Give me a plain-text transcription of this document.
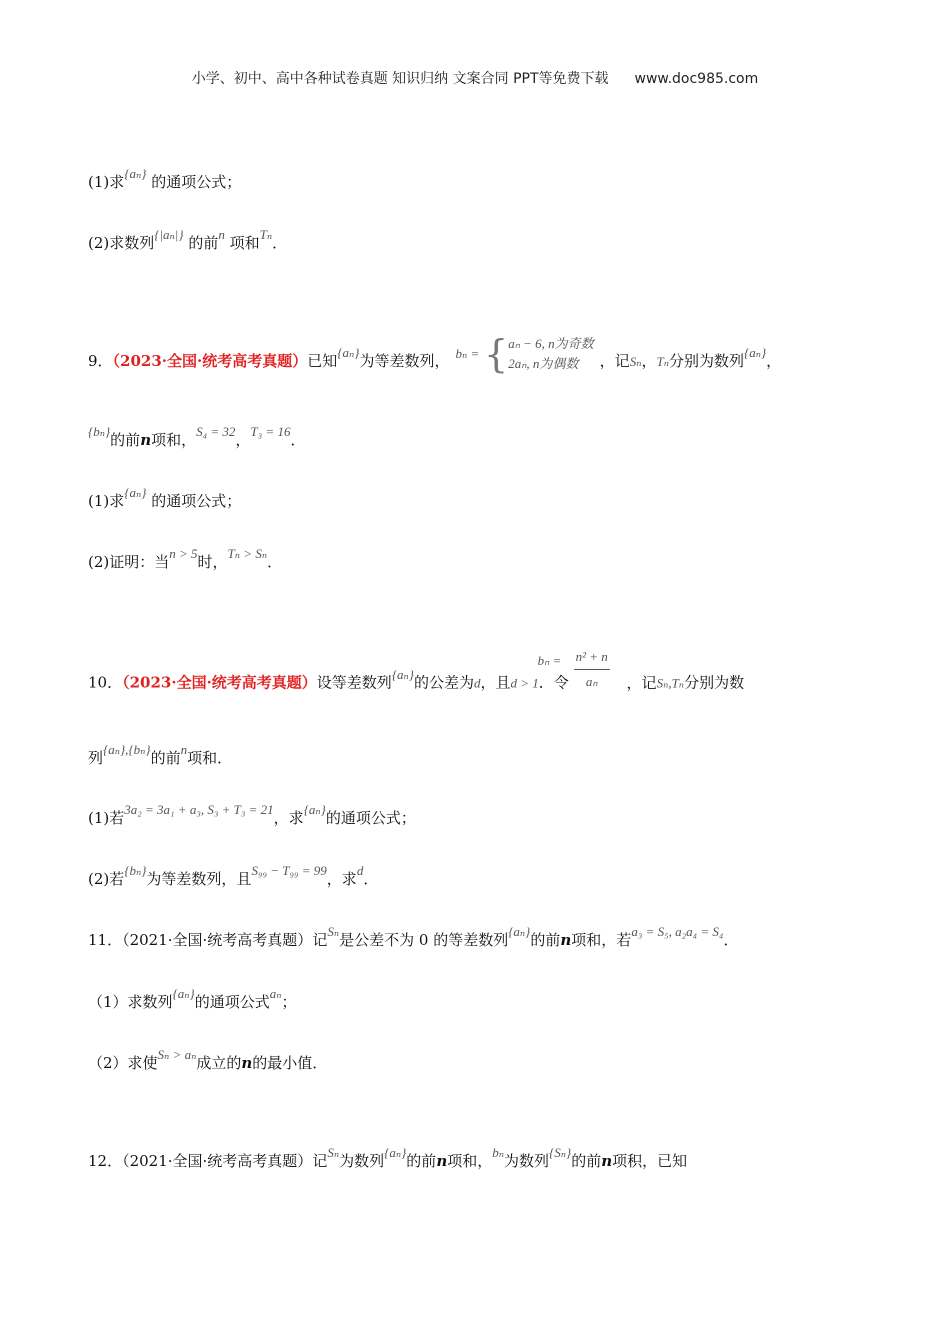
小学、初中、高中各种试卷真题 知识归纳 文案合同 PPT等免费下载 www.doc985.com
(1)求{aₙ} 的通项公式；
(2)求数列{|aₙ|} 的前n 项和Tₙ．
9．（2023·全国·统考高考真题）已知{aₙ}为等差数列， bₙ = { aₙ − 6, n为奇数
2aₙ, n为偶数	，记Sₙ，Tₙ分别为数列{aₙ}，
{bₙ}的前n项和，S₄ = 32，T₃ = 16．
(1)求{aₙ} 的通项公式；
(2)证明：当n > 5时，Tₙ > Sₙ．
10．（2023·全国·统考高考真题）设等差数列{aₙ}的公差为d，且d > 1．令
bₙ = n² + n
aₙ	，记Sₙ,Tₙ分别为数
列{aₙ},{bₙ}的前n项和．
(1)若3a₂ = 3a₁ + a₃, S₃ + T₃ = 21，求{aₙ}的通项公式；
(2)若{bₙ}为等差数列，且S₉₉ − T₉₉ = 99，求d．
11．（2021·全国·统考高考真题）记Sₙ是公差不为 0 的等差数列{aₙ}的前n项和，若a₃ = S₅, a₂a₄ = S₄．
（1）求数列{aₙ}的通项公式aₙ；
（2）求使Sₙ > aₙ成立的n的最小值．
12．（2021·全国·统考高考真题）记Sₙ为数列{aₙ}的前n项和，bₙ为数列{Sₙ}的前n项积，已知
